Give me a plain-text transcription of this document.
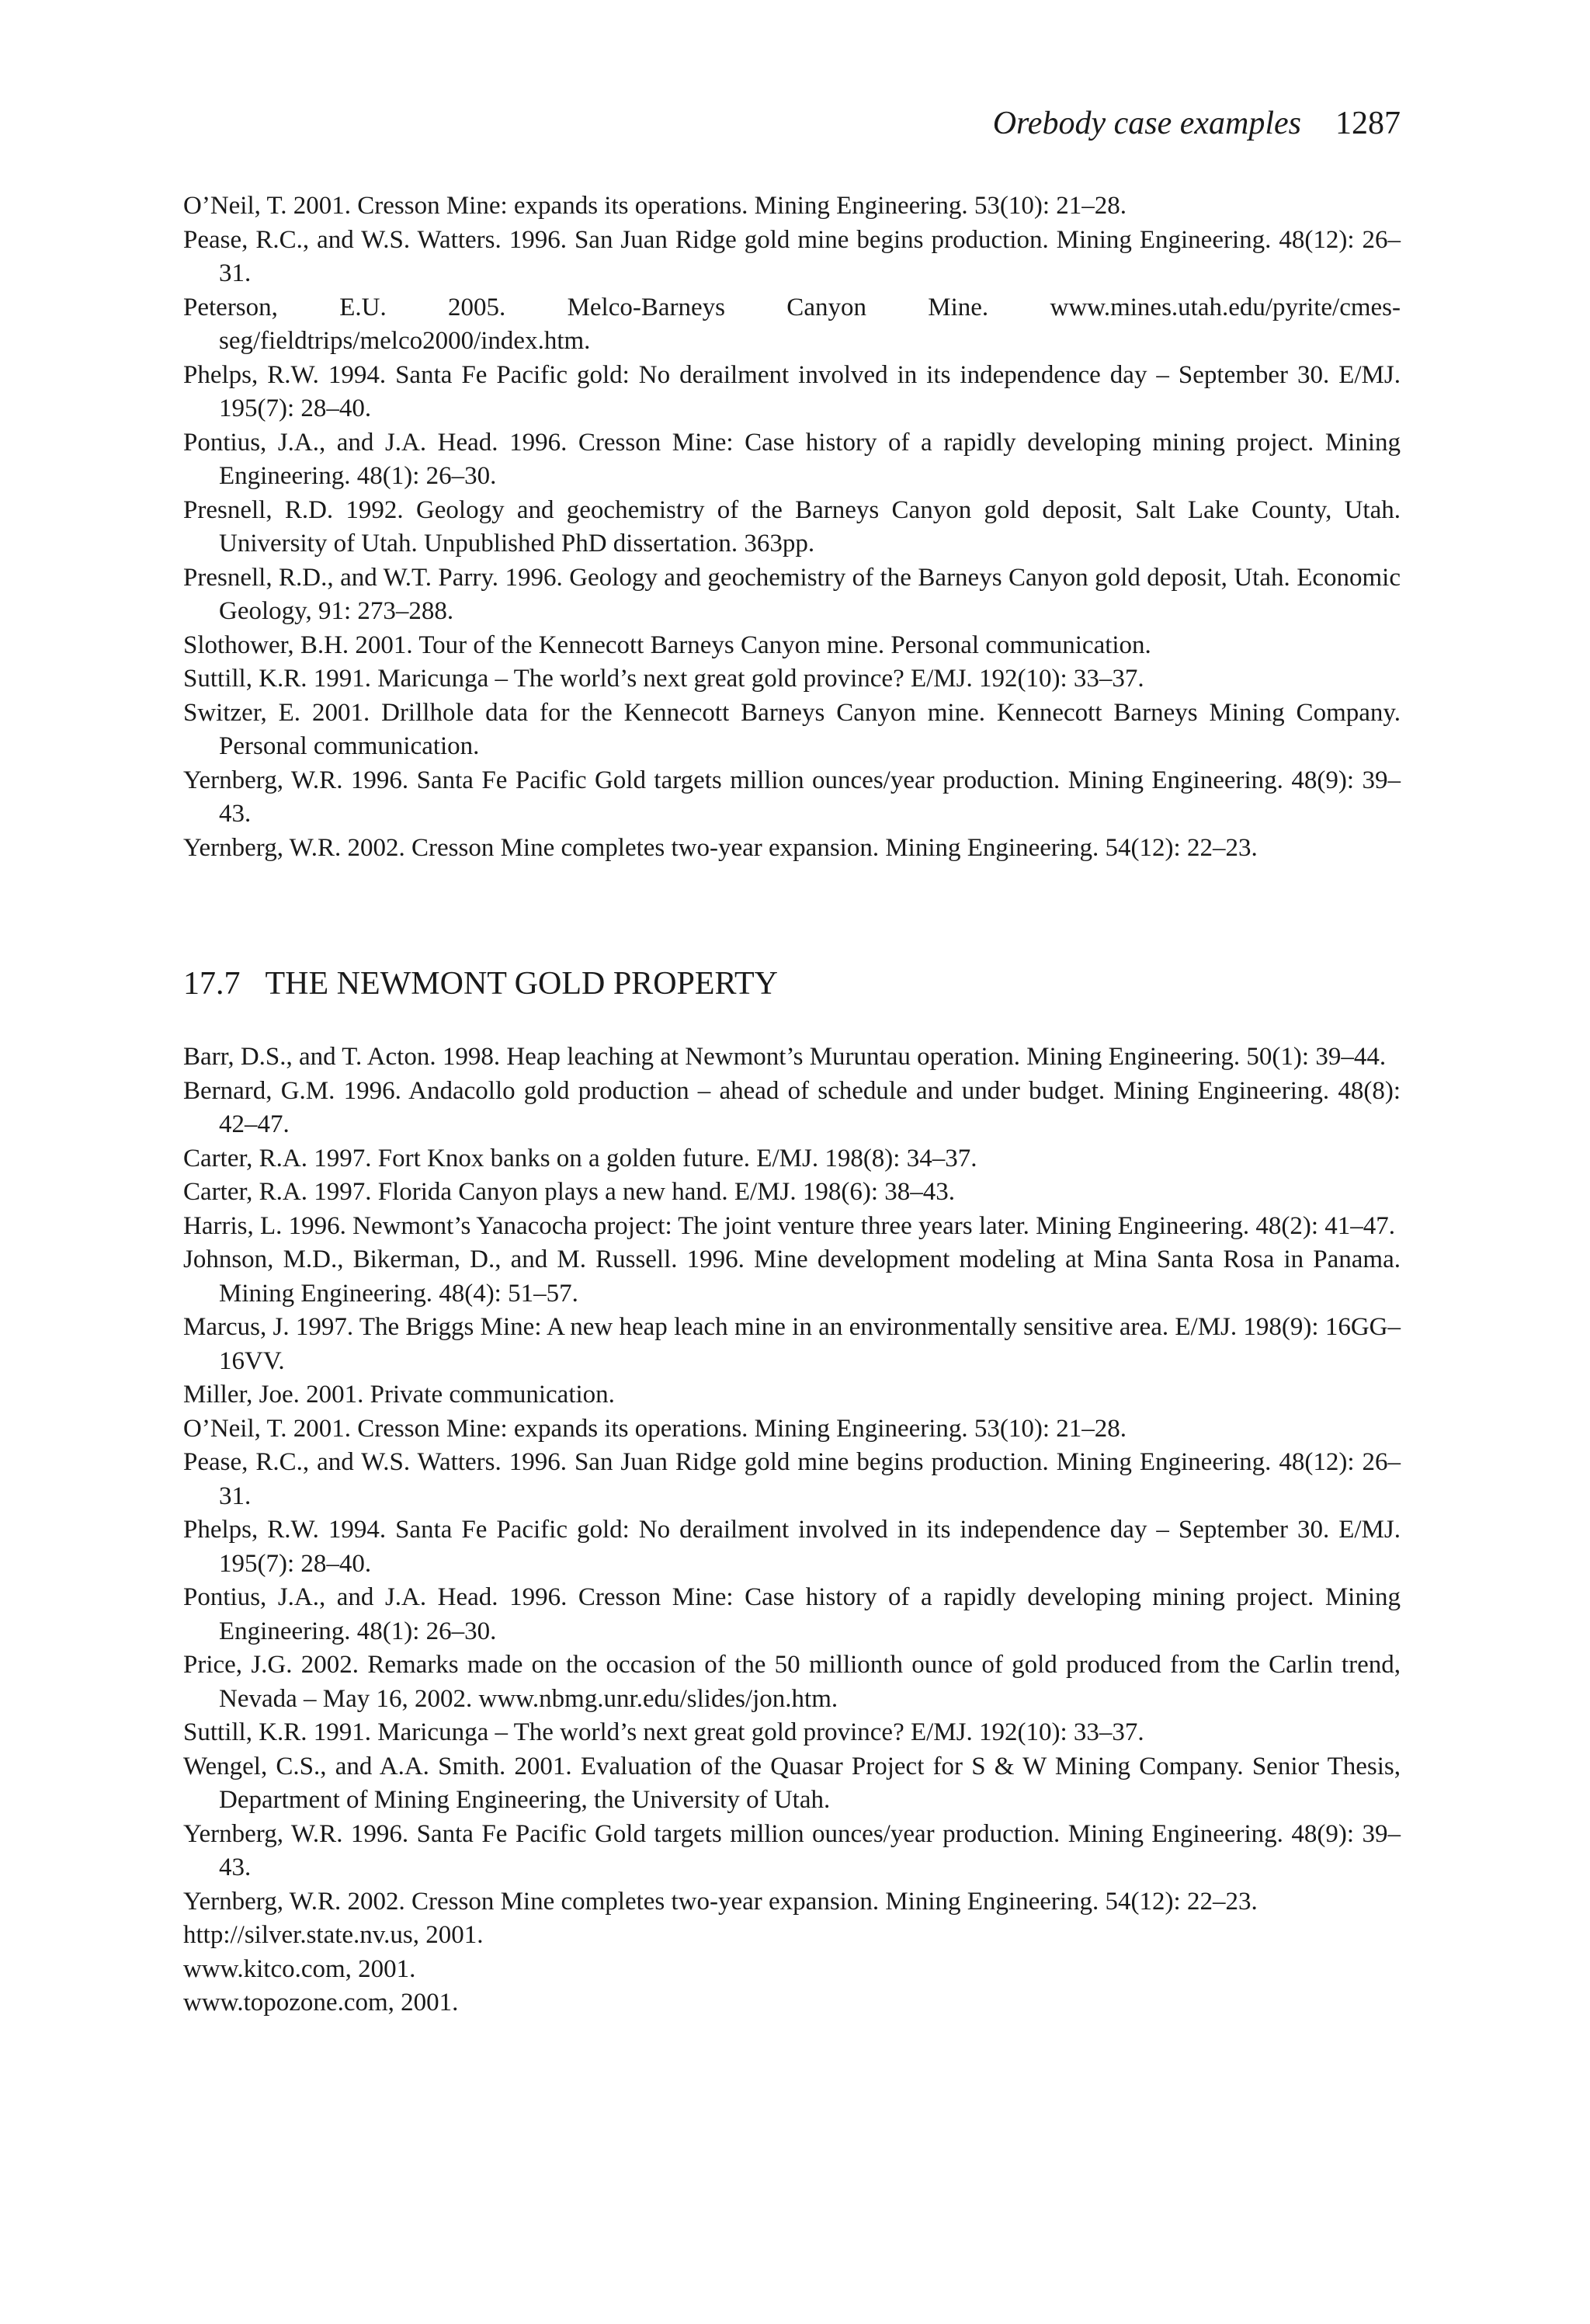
Orebody case examples 1287
O’Neil, T. 2001. Cresson Mine: expands its operations. Mining Engineering. 53(10): 21–28.
Pease, R.C., and W.S. Watters. 1996. San Juan Ridge gold mine begins production. Mining Engineering. 48(12): 26–31.
Peterson, E.U. 2005. Melco-Barneys Canyon Mine. www.mines.utah.edu/pyrite/cmes-seg/fieldtrips/melco2000/index.htm.
Phelps, R.W. 1994. Santa Fe Pacific gold: No derailment involved in its independence day – September 30. E/MJ. 195(7): 28–40.
Pontius, J.A., and J.A. Head. 1996. Cresson Mine: Case history of a rapidly developing mining project. Mining Engineering. 48(1): 26–30.
Presnell, R.D. 1992. Geology and geochemistry of the Barneys Canyon gold deposit, Salt Lake County, Utah. University of Utah. Unpublished PhD dissertation. 363pp.
Presnell, R.D., and W.T. Parry. 1996. Geology and geochemistry of the Barneys Canyon gold deposit, Utah. Economic Geology, 91: 273–288.
Slothower, B.H. 2001. Tour of the Kennecott Barneys Canyon mine. Personal communication.
Suttill, K.R. 1991. Maricunga – The world’s next great gold province? E/MJ. 192(10): 33–37.
Switzer, E. 2001. Drillhole data for the Kennecott Barneys Canyon mine. Kennecott Barneys Mining Company. Personal communication.
Yernberg, W.R. 1996. Santa Fe Pacific Gold targets million ounces/year production. Mining Engineering. 48(9): 39–43.
Yernberg, W.R. 2002. Cresson Mine completes two-year expansion. Mining Engineering. 54(12): 22–23.
17.7 THE NEWMONT GOLD PROPERTY
Barr, D.S., and T. Acton. 1998. Heap leaching at Newmont’s Muruntau operation. Mining Engineering. 50(1): 39–44.
Bernard, G.M. 1996. Andacollo gold production – ahead of schedule and under budget. Mining Engineering. 48(8): 42–47.
Carter, R.A. 1997. Fort Knox banks on a golden future. E/MJ. 198(8): 34–37.
Carter, R.A. 1997. Florida Canyon plays a new hand. E/MJ. 198(6): 38–43.
Harris, L. 1996. Newmont’s Yanacocha project: The joint venture three years later. Mining Engineering. 48(2): 41–47.
Johnson, M.D., Bikerman, D., and M. Russell. 1996. Mine development modeling at Mina Santa Rosa in Panama. Mining Engineering. 48(4): 51–57.
Marcus, J. 1997. The Briggs Mine: A new heap leach mine in an environmentally sensitive area. E/MJ. 198(9): 16GG–16VV.
Miller, Joe. 2001. Private communication.
O’Neil, T. 2001. Cresson Mine: expands its operations. Mining Engineering. 53(10): 21–28.
Pease, R.C., and W.S. Watters. 1996. San Juan Ridge gold mine begins production. Mining Engineering. 48(12): 26–31.
Phelps, R.W. 1994. Santa Fe Pacific gold: No derailment involved in its independence day – September 30. E/MJ. 195(7): 28–40.
Pontius, J.A., and J.A. Head. 1996. Cresson Mine: Case history of a rapidly developing mining project. Mining Engineering. 48(1): 26–30.
Price, J.G. 2002. Remarks made on the occasion of the 50 millionth ounce of gold produced from the Carlin trend, Nevada – May 16, 2002. www.nbmg.unr.edu/slides/jon.htm.
Suttill, K.R. 1991. Maricunga – The world’s next great gold province? E/MJ. 192(10): 33–37.
Wengel, C.S., and A.A. Smith. 2001. Evaluation of the Quasar Project for S & W Mining Company. Senior Thesis, Department of Mining Engineering, the University of Utah.
Yernberg, W.R. 1996. Santa Fe Pacific Gold targets million ounces/year production. Mining Engineering. 48(9): 39–43.
Yernberg, W.R. 2002. Cresson Mine completes two-year expansion. Mining Engineering. 54(12): 22–23.
http://silver.state.nv.us, 2001.
www.kitco.com, 2001.
www.topozone.com, 2001.
